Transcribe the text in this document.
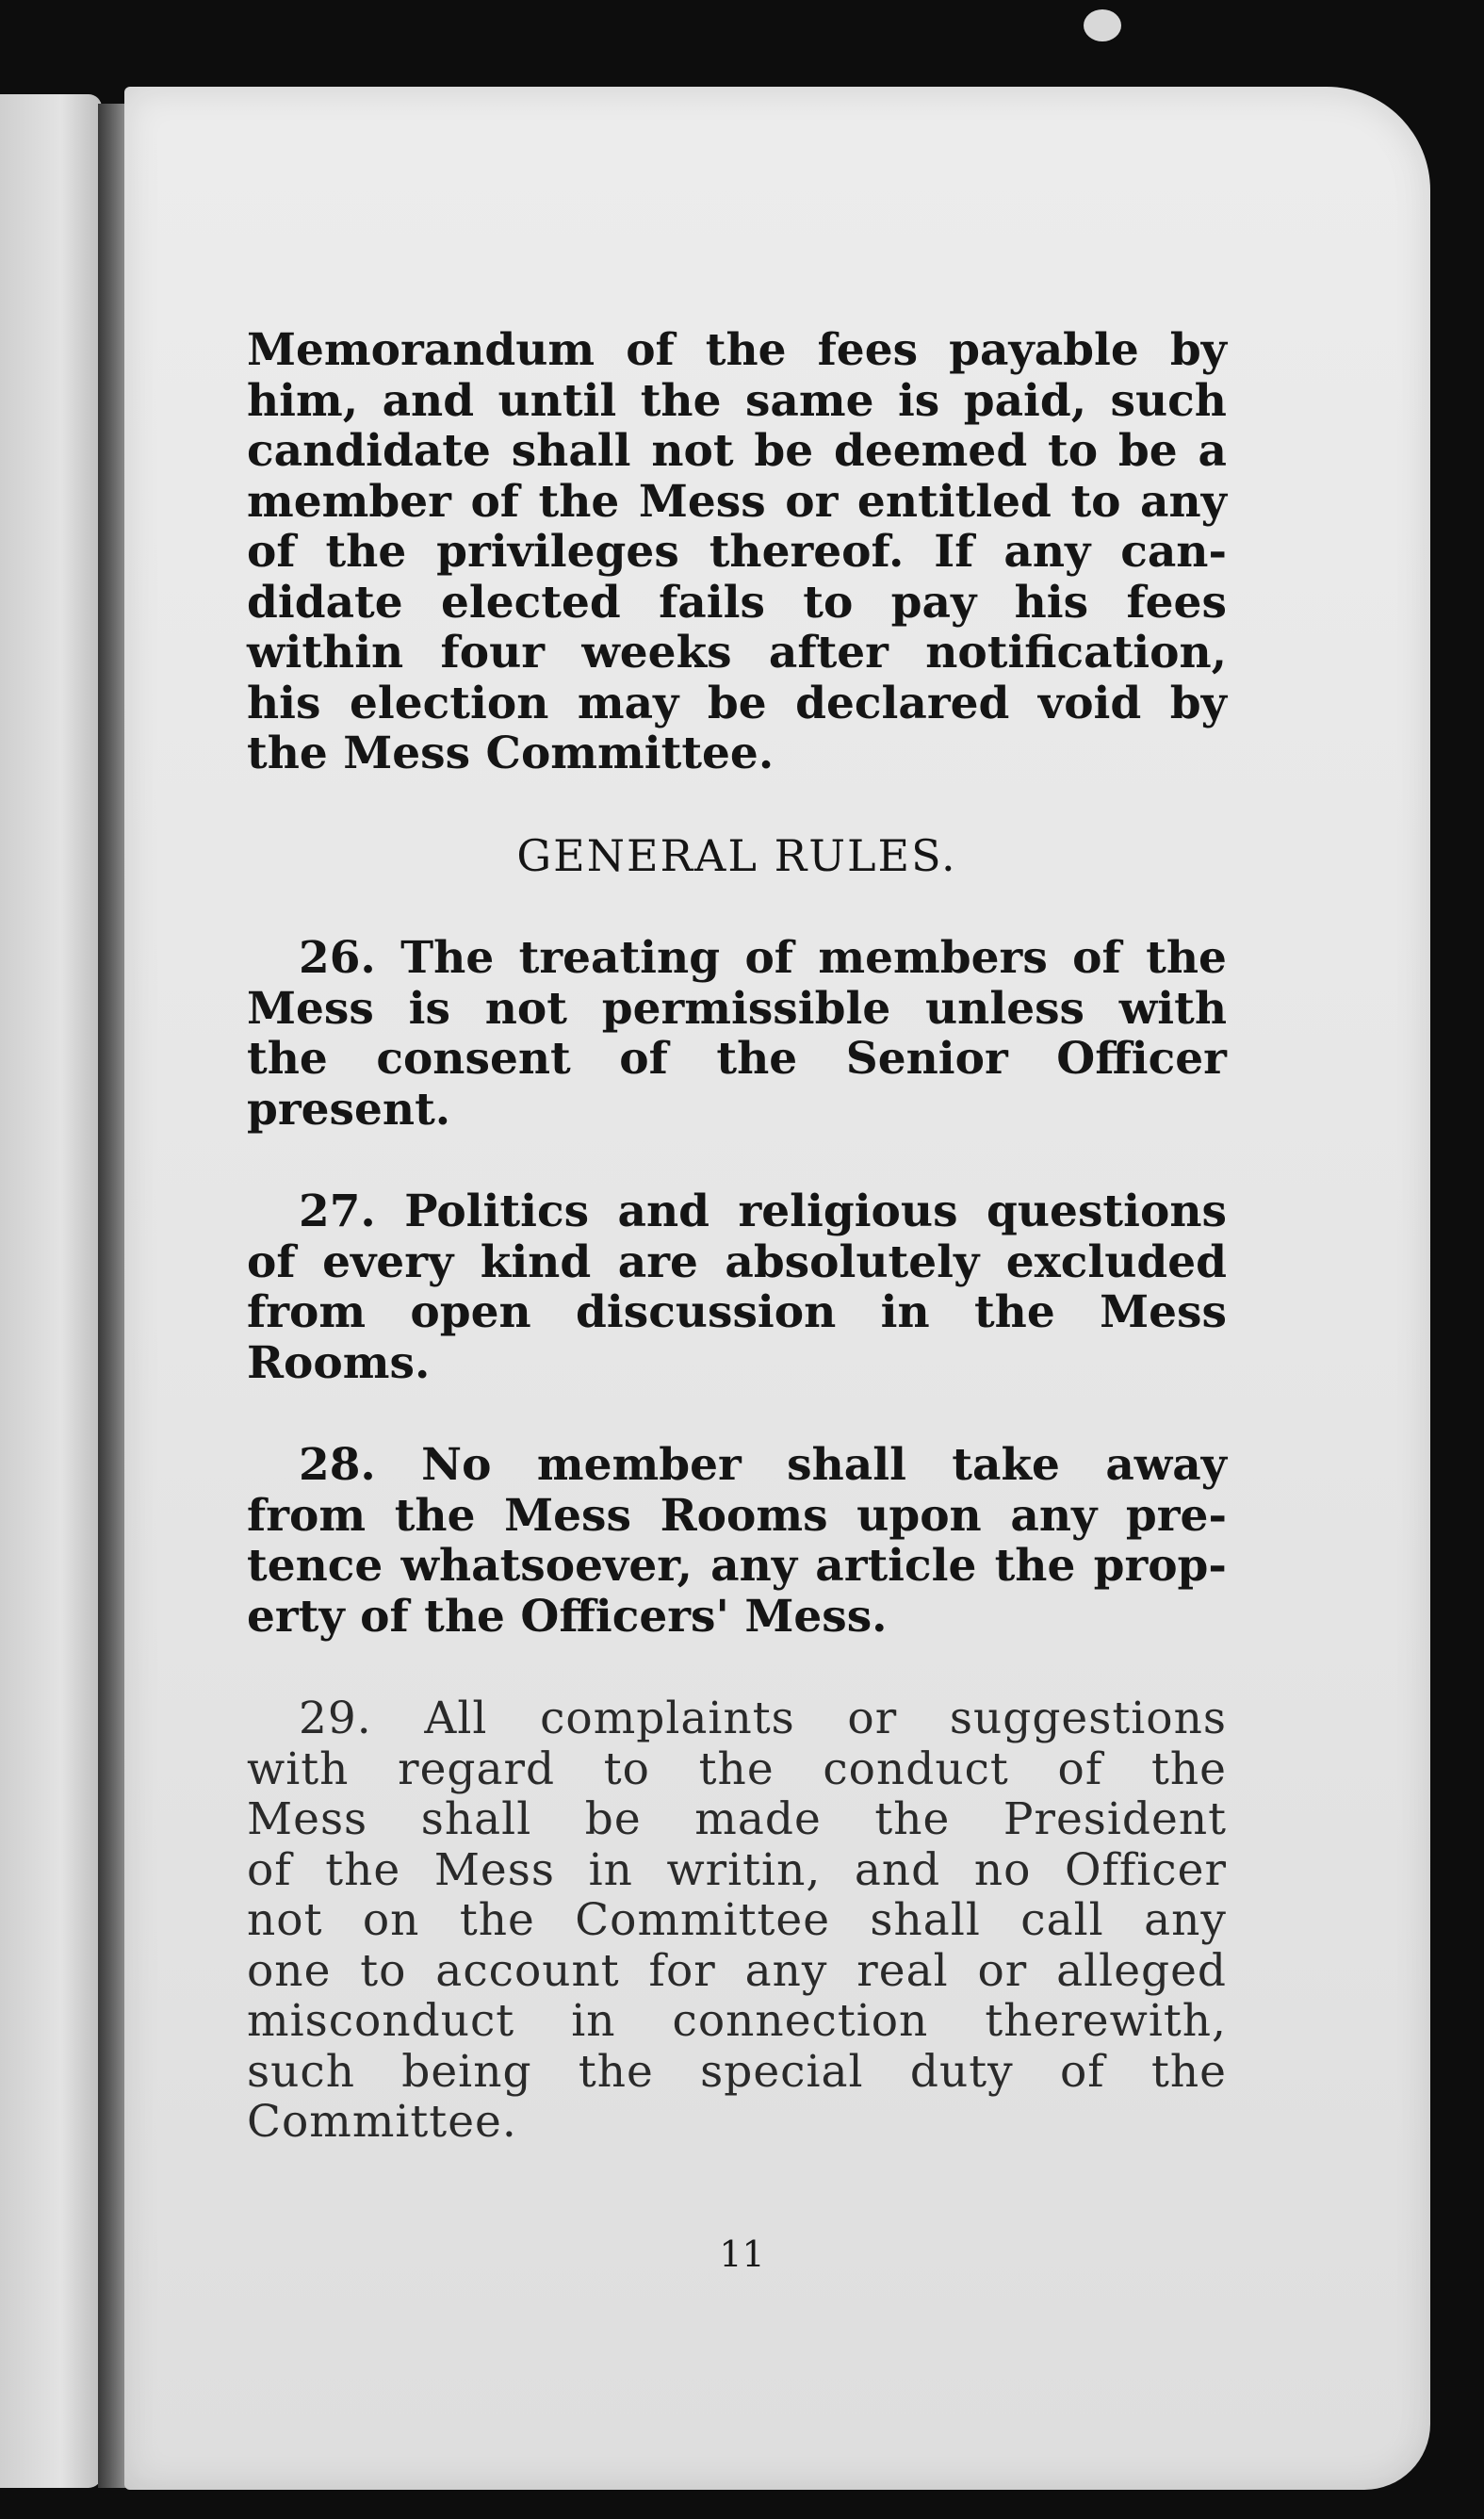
Memorandum of the fees payable by
him, and until the same is paid, such
candidate shall not be deemed to be a
member of the Mess or entitled to any
of the privileges thereof. If any can-
didate elected fails to pay his fees
within four weeks after notification,
his election may be declared void by
the Mess Committee.
GENERAL RULES.
26. The treating of members of the
Mess is not permissible unless with
the consent of the Senior Officer
present.
27. Politics and religious questions
of every kind are absolutely excluded
from open discussion in the Mess
Rooms.
28. No member shall take away
from the Mess Rooms upon any pre-
tence whatsoever, any article the prop-
erty of the Officers' Mess.
29. All complaints or suggestions
with regard to the conduct of the
Mess shall be made the President
of the Mess in writin, and no Officer
not on the Committee shall call any
one to account for any real or alleged
misconduct in connection therewith,
such being the special duty of the
Committee.
11
